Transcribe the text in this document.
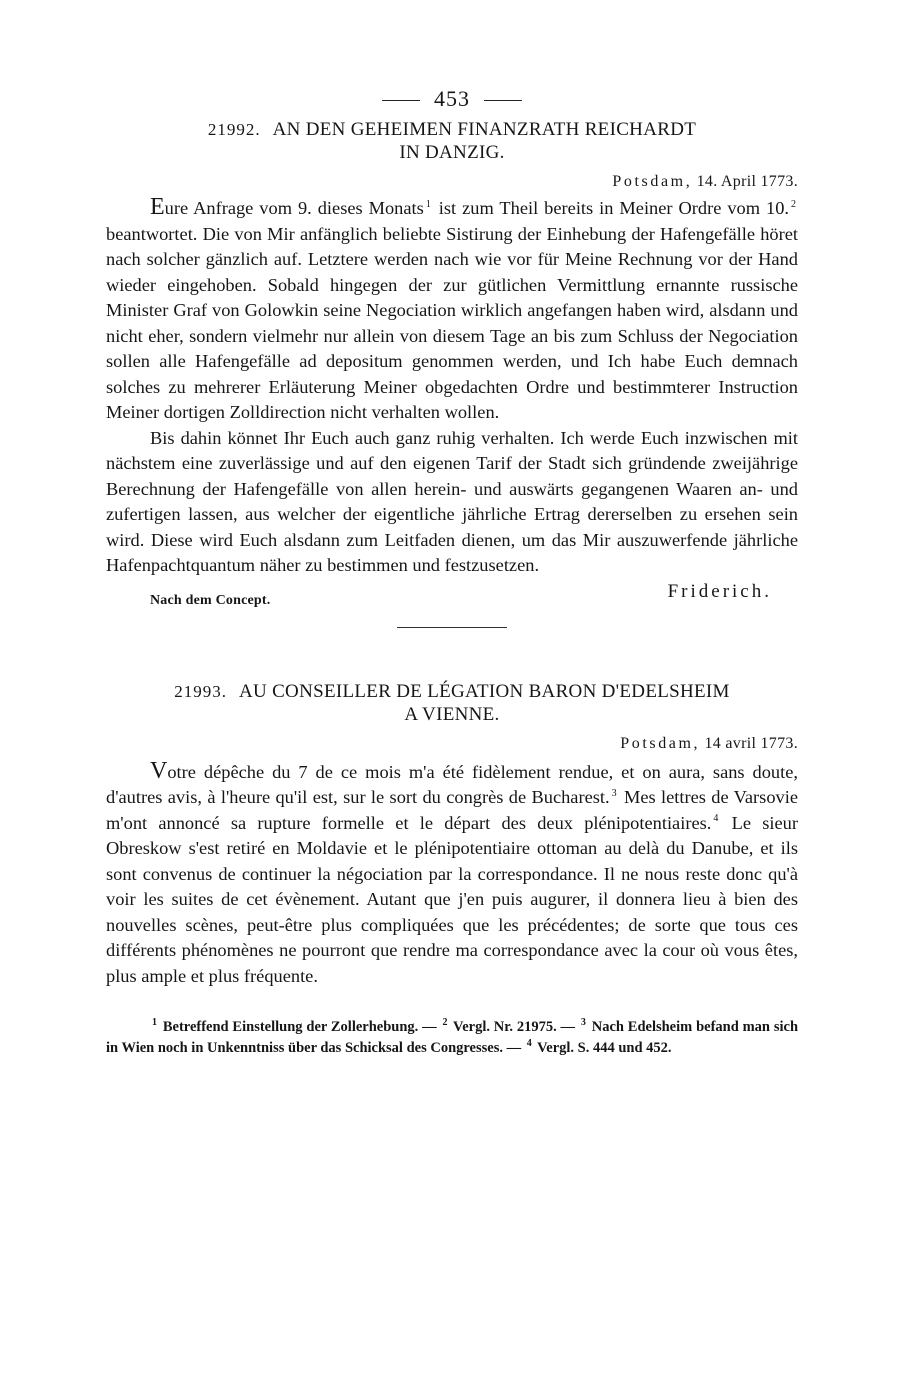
453
21992. AN DEN GEHEIMEN FINANZRATH REICHARDT
IN DANZIG.
Potsdam, 14. April 1773.

Eure Anfrage vom 9. dieses Monats $^1$ ist zum Theil bereits in Meiner Ordre vom 10. $^2$ beantwortet. Die von Mir anfänglich beliebte Sistirung der Einhebung der Hafengefälle höret nach solcher gänzlich auf. Letztere werden nach wie vor für Meine Rechnung vor der Hand wieder eingehoben. Sobald hingegen der zur gütlichen Vermittlung ernannte russische Minister Graf von Golowkin seine Negociation wirklich angefangen haben wird, alsdann und nicht eher, sondern vielmehr nur allein von diesem Tage an bis zum Schluss der Negociation sollen alle Hafengefälle ad depositum genommen werden, und Ich habe Euch demnach solches zu mehrerer Erläuterung Meiner obgedachten Ordre und bestimmterer Instruction Meiner dortigen Zolldirection nicht verhalten wollen.

Bis dahin könnet Ihr Euch auch ganz ruhig verhalten. Ich werde Euch inzwischen mit nächstem eine zuverlässige und auf den eigenen Tarif der Stadt sich gründende zweijährige Berechnung der Hafengefälle von allen herein- und auswärts gegangenen Waaren an- und zufertigen lassen, aus welcher der eigentliche jährliche Ertrag dererselben zu ersehen sein wird. Diese wird Euch alsdann zum Leitfaden dienen, um das Mir auszuwerfende jährliche Hafenpachtquantum näher zu bestimmen und festzusetzen.

Nach dem Concept.	Friderich.
21993. AU CONSEILLER DE LÉGATION BARON D'EDELSHEIM
A VIENNE.
Potsdam, 14 avril 1773.

Votre dépêche du 7 de ce mois m'a été fidèlement rendue, et on aura, sans doute, d'autres avis, à l'heure qu'il est, sur le sort du congrès de Bucharest. $^3$ Mes lettres de Varsovie m'ont annoncé sa rupture formelle et le départ des deux plénipotentiaires. $^4$ Le sieur Obreskow s'est retiré en Moldavie et le plénipotentiaire ottoman au delà du Danube, et ils sont convenus de continuer la négociation par la correspondance. Il ne nous reste donc qu'à voir les suites de cet évènement. Autant que j'en puis augurer, il donnera lieu à bien des nouvelles scènes, peut-être plus compliquées que les précédentes; de sorte que tous ces différents phénomènes ne pourront que rendre ma correspondance avec la cour où vous êtes, plus ample et plus fréquente.

$^1$ Betreffend Einstellung der Zollerhebung. — $^2$ Vergl. Nr. 21975. — $^3$ Nach Edelsheim befand man sich in Wien noch in Unkenntniss über das Schicksal des Congresses. — $^4$ Vergl. S. 444 und 452.
